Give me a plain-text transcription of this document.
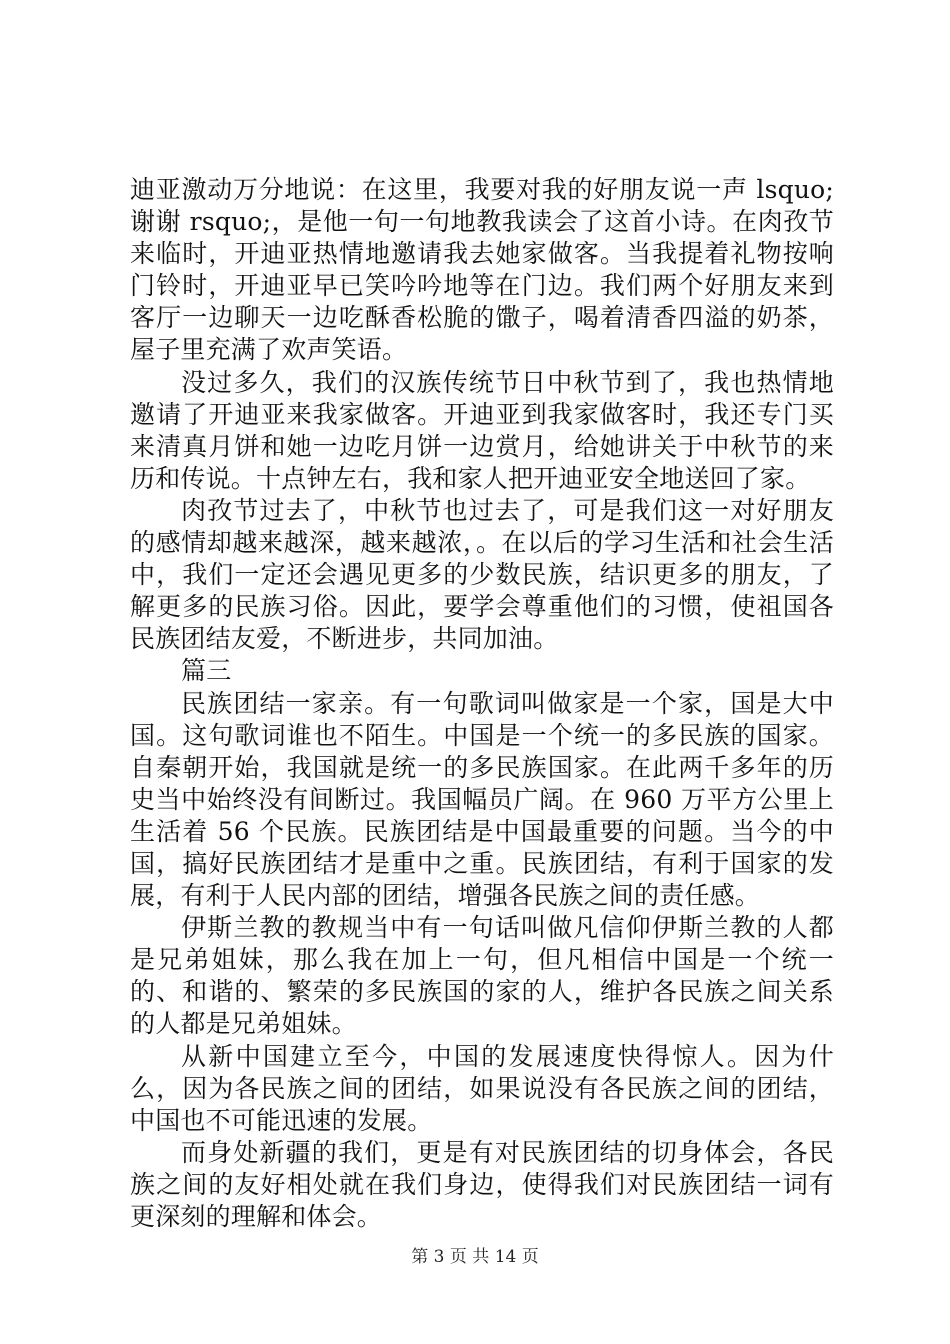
迪亚激动万分地说：在这里，我要对我的好朋友说一声 lsquo;谢谢 rsquo;，是他一句一句地教我读会了这首小诗。在肉孜节来临时，开迪亚热情地邀请我去她家做客。当我提着礼物按响门铃时，开迪亚早已笑吟吟地等在门边。我们两个好朋友来到客厅一边聊天一边吃酥香松脆的馓子，喝着清香四溢的奶茶，屋子里充满了欢声笑语。

没过多久，我们的汉族传统节日中秋节到了，我也热情地邀请了开迪亚来我家做客。开迪亚到我家做客时，我还专门买来清真月饼和她一边吃月饼一边赏月，给她讲关于中秋节的来历和传说。十点钟左右，我和家人把开迪亚安全地送回了家。

肉孜节过去了，中秋节也过去了，可是我们这一对好朋友的感情却越来越深，越来越浓，。在以后的学习生活和社会生活中，我们一定还会遇见更多的少数民族，结识更多的朋友，了解更多的民族习俗。因此，要学会尊重他们的习惯，使祖国各民族团结友爱，不断进步，共同加油。

篇三

民族团结一家亲。有一句歌词叫做家是一个家，国是大中国。这句歌词谁也不陌生。中国是一个统一的多民族的国家。自秦朝开始，我国就是统一的多民族国家。在此两千多年的历史当中始终没有间断过。我国幅员广阔。在 960 万平方公里上生活着 56 个民族。民族团结是中国最重要的问题。当今的中国，搞好民族团结才是重中之重。民族团结，有利于国家的发展，有利于人民内部的团结，增强各民族之间的责任感。

伊斯兰教的教规当中有一句话叫做凡信仰伊斯兰教的人都是兄弟姐妹，那么我在加上一句，但凡相信中国是一个统一的、和谐的、繁荣的多民族国的家的人，维护各民族之间关系的人都是兄弟姐妹。

从新中国建立至今，中国的发展速度快得惊人。因为什么，因为各民族之间的团结，如果说没有各民族之间的团结，中国也不可能迅速的发展。

而身处新疆的我们，更是有对民族团结的切身体会，各民族之间的友好相处就在我们身边，使得我们对民族团结一词有更深刻的理解和体会。

第 3 页 共 14 页
